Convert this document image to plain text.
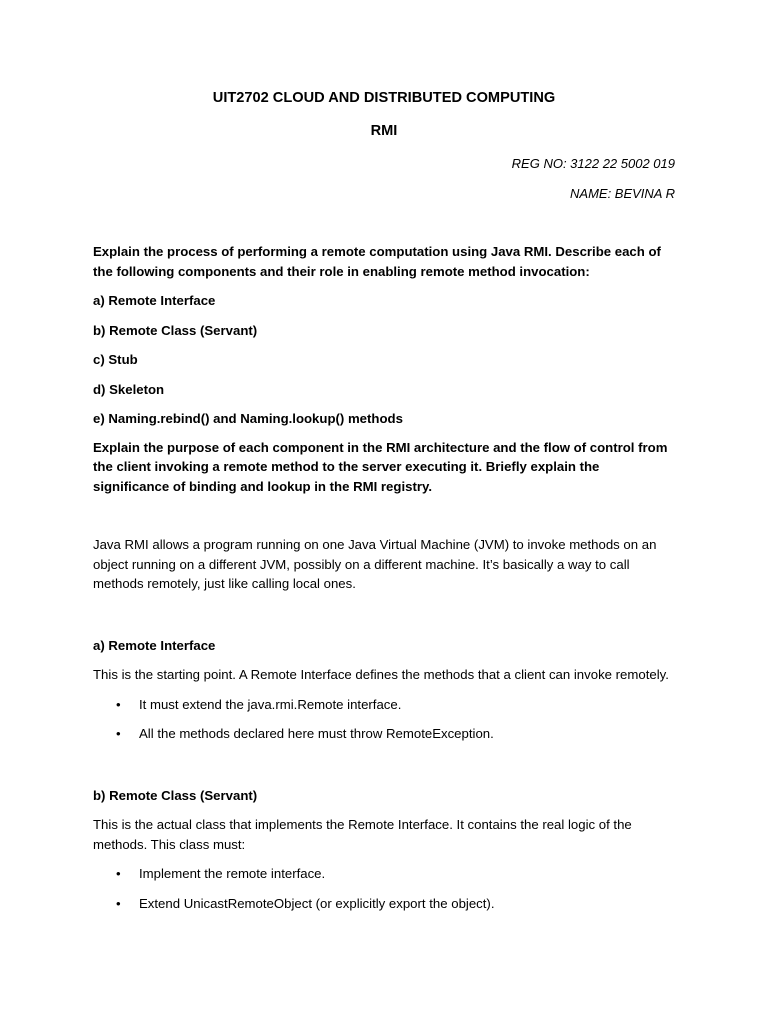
UIT2702 CLOUD AND DISTRIBUTED COMPUTING

RMI

REG NO: 3122 22 5002 019

NAME: BEVINA R

Explain the process of performing a remote computation using Java RMI. Describe each of the following components and their role in enabling remote method invocation:

a) Remote Interface

b) Remote Class (Servant)

c) Stub

d) Skeleton

e) Naming.rebind() and Naming.lookup() methods

Explain the purpose of each component in the RMI architecture and the flow of control from the client invoking a remote method to the server executing it. Briefly explain the significance of binding and lookup in the RMI registry.

Java RMI allows a program running on one Java Virtual Machine (JVM) to invoke methods on an object running on a different JVM, possibly on a different machine. It’s basically a way to call methods remotely, just like calling local ones.

a) Remote Interface

This is the starting point. A Remote Interface defines the methods that a client can invoke remotely.

• It must extend the java.rmi.Remote interface.
• All the methods declared here must throw RemoteException.
b) Remote Class (Servant)

This is the actual class that implements the Remote Interface. It contains the real logic of the methods. This class must:

• Implement the remote interface.
• Extend UnicastRemoteObject (or explicitly export the object).
